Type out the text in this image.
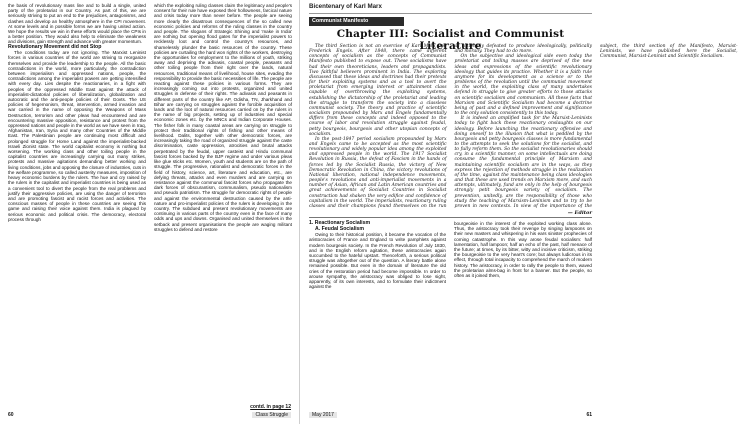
the basis of revolutionary mass line and to build a single, united party of the proletariat in our Country. As part of this, we are seriously striving to put an end to the prejudices, antagonisms, and clashes and develop an healthy atmosphere in the CPI movement. At some levels and in possible forms we are having united action. We hope the results we win in these efforts would place the CPIs in a better position. They would also help to eliminate the weakness and divisions, gain strength and advance with greater momentum.

Revolutionary Movement did not Stop

The conditions today are not ignoring. The Marxist Leninist forces in various countries of the world are striving to reorganize themselves and provide the leadership to the people. All the basic contradictions in the world, more particularly, the contradiction between imperialism and oppressed nations, people, the contradictions among the imperialist powers are getting intensified with every day. Lies despite the reactionaries, in a fight with peoples of the oppressed Middle East against the attack of imperialist-dictatorial policies of liberalization, globalization and autocratic and the anti-people policies of their Govts. The US policies of hegemonism, threat, intervention, armed invasion and war carried in the name of opposing the Weapons of Mass Destruction, terrorism and other pleas had encountered and are encountering massive opposition, resistance and protest from the oppressed nations and people in the world as we have seen in Iraq, Afghanistan, Iran, Syria and many other Countries of the Middle East. The Palestinian people are continuing most difficult and prolonged struggle for Home Land against the imperialist-backed Israeli Zionist state. The world capitalist economy is nothing but worsening. The working class and other toiling people in the capitalist countries are increasingly carrying out many strikes, protests and massive agitations demanding better working and living conditions, jobs and opposing the closure of industries, cuts in the welfare programme, so called austerity measures, imposition of heavy economic burdens by the rulers. The hue and cry raised by the rulers in the capitalist and imperialist countries is being used as a convenient tool to divert the people from the real problems and justify their aggressive policies, are using the danger of terrorism and are promoting fascist and racist forces and activities. The conscious masses of people in these countries are seeing this game and raising their voice against them. India is plagued by serious economic and political crisis. The democracy, electoral process through

which the exploiting ruling classes claim the legitimacy and people's consent for their rule have exposed their hollowness, farcical nature and crisis today more than never before. The people are seeing more clearly the disastrous consequences of the so called new economic policies and reforms of the ruling classes in the country and people. The slogans of Strategic Shining and 'make in India' are nothing but opening flood gates for the imperialist powers to recklessly loot and control the country's resources, and shamelessly plunder the basic resources of the country. These policies are curtailing the hard won rights of the workers, destroying the opportunities for employment to the millions of youth, striking away and depriving the adivasis, coastal people, peasants and other toiling people from their right over the lands, natural resources, traditional means of livelihood, house sites, evading the responsibility to provide the basic necessities of life. The people are reacting against these policies in various forms. They are increasingly coming out into protests, organized and united struggles in defense of their rights. The adivasis and peasants in different parts of the country like AP, Odisha, TN, Jharkhand and Bihar are carrying on struggles against the forcible acquisition of lands and the loot of natural resources carried on by the rulers in the name of big projects, setting up of industries and special economic zones etc. by the MNCs and Indian Corporate Houses. The fisher folk in many coastal areas are carrying on struggle to protect their traditional rights of fishing and other means of livelihood. Dalits, together with other democratic forces, are increasingly taking the road of organized struggle against the caste discrimination, caste oppression, atrocities and brutal attacks perpetrated by the feudal, upper casteist and Hindu communal fascist forces backed by the BJP regime and under various pleas like glue sticks etc. Women, youth and students are on the path of struggle. The progressive, rationalist and democratic forces in the field of history, science, art, literature and education, etc., are defying threats, attacks and even murders and are carrying on resistance against the communal fascist forces who propagate the dark forces of obscurantism, communalism, pseudo nationalism and pseudo patriotism. The struggle for democratic rights of people and against the environmental destruction caused by the anti-nature and pro-imperialist policies of the rulers is developing in the country. The subdued and present revolutionary movements are continuing in various parts of the country even in the face of many odds and ups and downs. Organised and united themselves in the setback and present organisations the people are waging militant struggles to defend and restore

contd. in page 12
60	Class Struggle
Bicentenary of Karl Marx
Communist Manifesto
Chapter III: Socialist and Communist Literature

The third Section is not an exercise of Karl Marx and Frederick Engels. After 1848, there came different concepts of socialism as the concepts of Communist Manifesto published to expose out. These socialisms have had their own theoreticians, leaders and propagandists. Two faithful believers prominent in India. The exploring discussed that these ideas and doctrines had their pretexts for their exploiting systems and as a tool to avert the proletariat from emerging interest or attainment class capable of overthrowing the exploiting systems, establishing the dictatorship of the proletariat and leading the struggle to transform the society into a classless communist society. The theory and practice of scientific socialism propounded by Marx and Engels fundamentally differs from these concepts and indeed opposed to the course of labor and revolution struggle against feudal, petty bourgeois, bourgeois and other utopian concepts of socialism.

In the post-1847 period socialism propounded by Marx and Engels came to be accepted as the most scientific revolutionary and widely popular idea among the exploited and oppressed people in the world. The 1917 Socialist Revolution in Russia, the defeat of Fascism in the hands of forces led by the Socialist Russia, the victory of New Democratic Revolution in China, the victory revolutions of National liberation, national independence movements, people's revolutions and anti-imperialist movements in a number of Asian, African and Latin American countries and great achievements of Socialist Countries in Socialist construction had shaken the very edifice and confidence of capitalism in the world. The imperialists, reactionary ruling classes and their champions found themselves on the run as rationally defeated to produce ideologically, politically and morally. They had to do more.

On the subjective and ideological side even today the proletariat and toiling masses are deprived of the new ideas and expressions of the scientific revolutionary ideology that guides its practice. Whether it is a faith rule anymore for its development as a science or to the problems of the revolution until the communist movement in the world, the exploiting class of many undertakes defend in struggle to give greater efforts to those attacks on scientific socialism and communism. All these facts that Marxism and Scientific Socialism had become a doctrine being of past and a defined improvement and significance to the only solution consistently to this today.

It is indeed an amplified task for the Marxist-Leninists today to fight back these reactionary onslaughts on our ideology. Before launching the reactionary offensive and doing oneself to the illusion that what is peddled by the bourgeois and petty bourgeois classes is more fundamental to the attempts to seek the solutions for the socialist, and to fully reform them. So the socialist revolutionaries should cry, in a scientific manner, on some intellectuals are doing consume the fundamental principle of Marxism and maintaining scientific socialism are in the ways, as they express the rejection of methods struggle in the realization of the time, against the maintenance being class ideologies and that these are used trends on Marxism more, and such attempts, ultimately, fund are only in the help of bourgeois strongly petit bourgeois variety of socialism. The prevention, unitedly, are the responsibility of those who study the teaching of Marxism-Leninism and to try to be proven in new contexts. In view of the importance of the subject, the third section of the Manifesto, Marxist-Leninists, we have published here the Socialist, Communist, Marxist-Leninist and Scientific Socialism.

— Editor

1. Reactionary Socialism

A. Feudal Socialism

Owing to their historical position, it became the vocation of the aristocracies of France and England to write pamphlets against modern bourgeois society. In the French Revolution of July 1830, and in the English reform agitation, these aristocracies again succumbed to the hateful upstart. Thenceforth, a serious political struggle was altogether out of the question. A literary battle alone remained possible. But even in the domain of literature the old cries of the restoration period had become impossible. In order to arouse sympathy, the aristocracy was obliged to lose sight, apparently, of its own interests, and to formulate their indictment against the

bourgeoisie in the interest of the exploited working class alone. Thus, the aristocracy took their revenge by singing lampoons on their new masters and whispering in his ears sinister prophecies of coming catastrophe. In this way arose feudal socialism: half lamentation, half lampoon; half an echo of the past, half menace of the future; at times, by its bitter, witty and incisive criticism, striking the bourgeoisie to the very heart's core; but always ludicrous in its effect, through total incapacity to comprehend the march of modern history. The aristocracy, in order to rally the people to them, waved the proletarian alms-bag in front for a banner. But the people, so often as it joined them,

May 2017	61
